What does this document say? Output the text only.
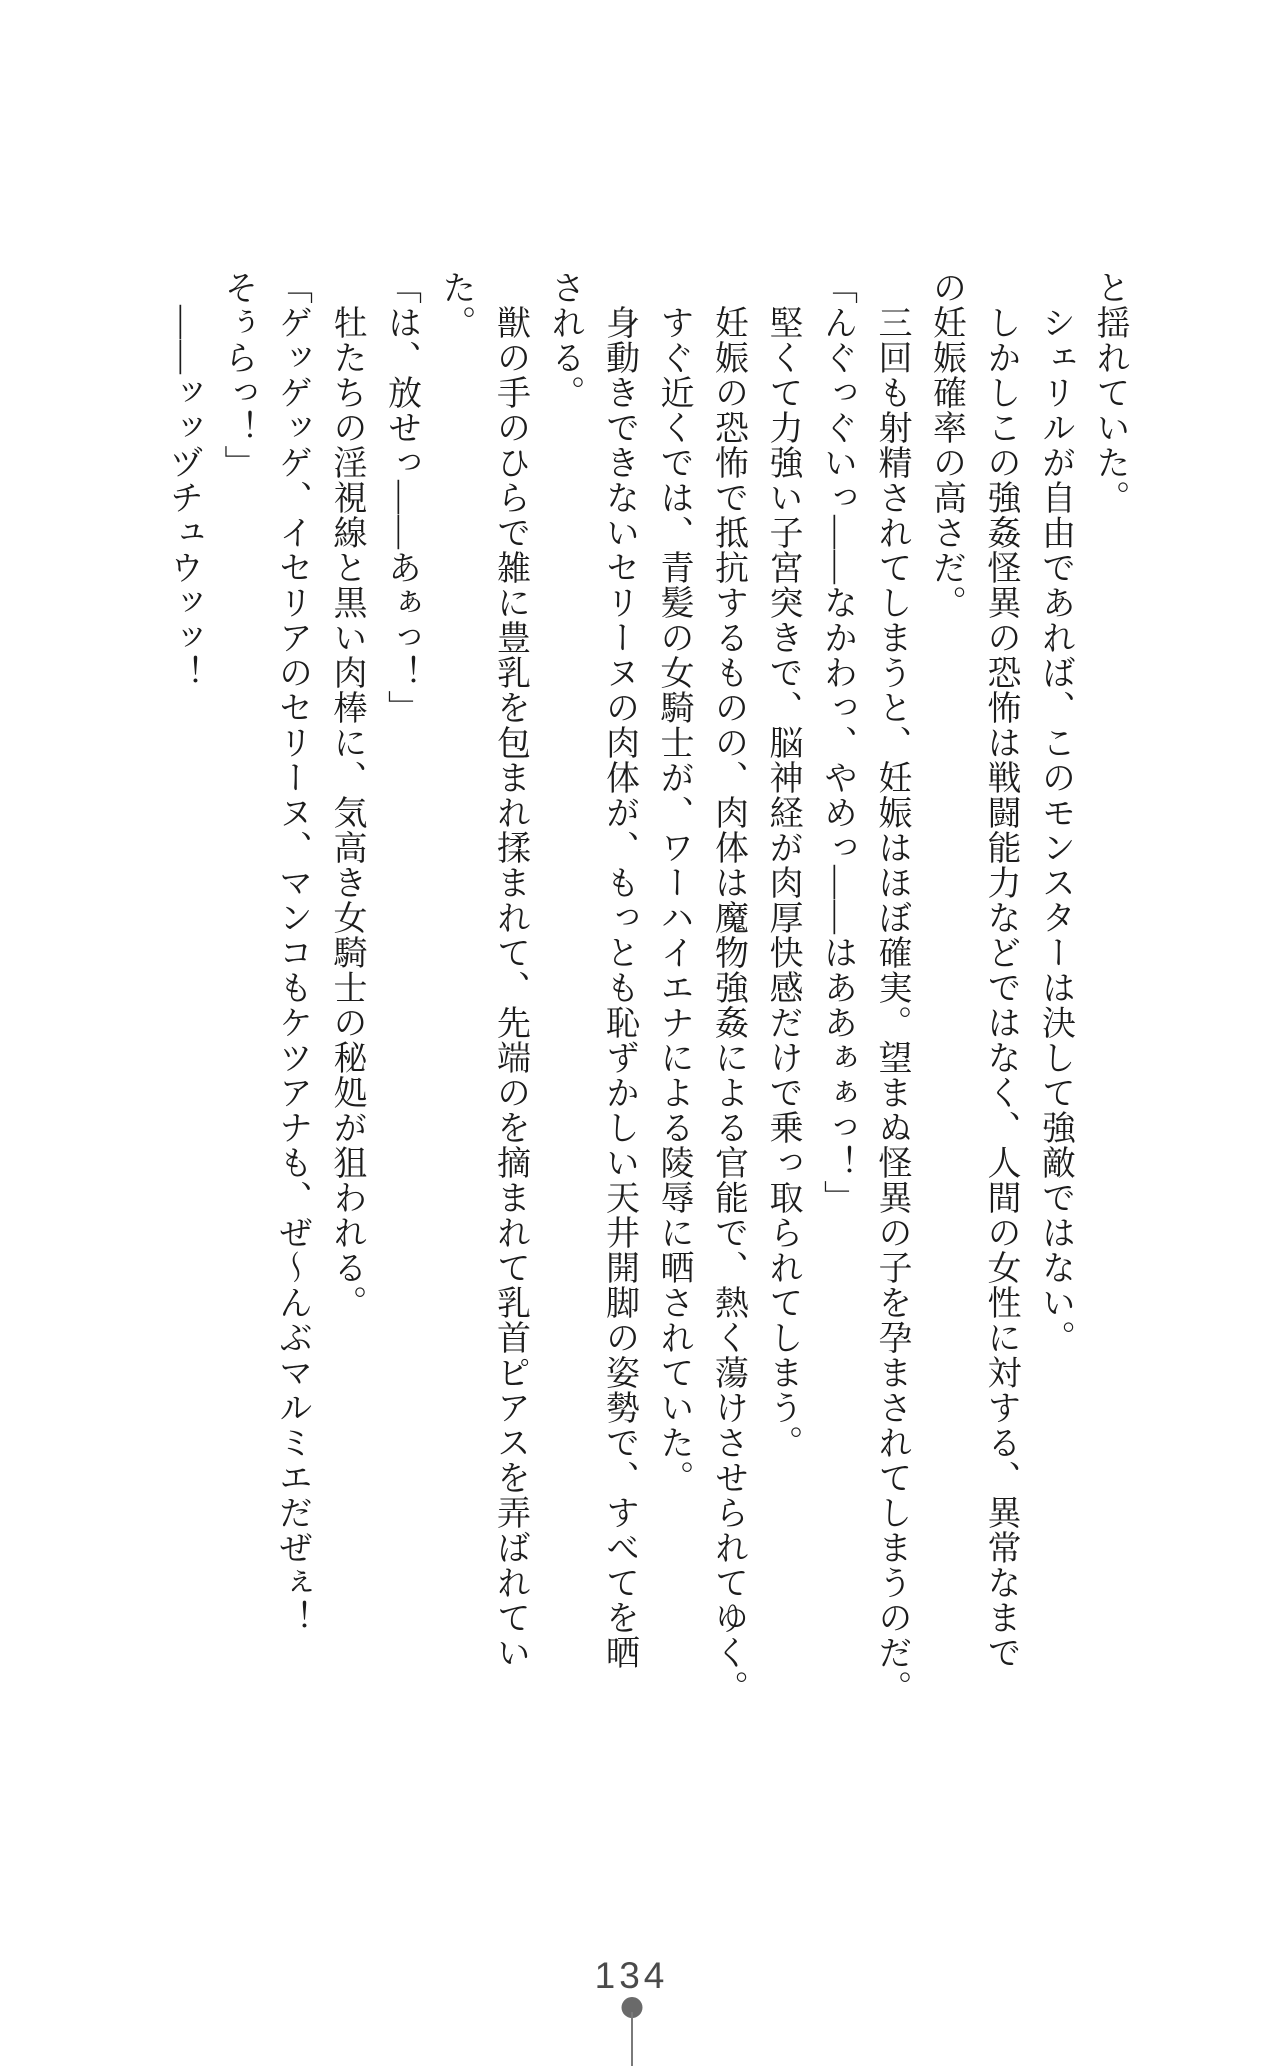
と揺れていた。

　シェリルが自由であれば、このモンスターは決して強敵ではない。

　しかしこの強姦怪異の恐怖は戦闘能力などではなく、人間の女性に対する、異常なまで

の妊娠確率の高さだ。

　三回も射精されてしまうと、妊娠はほぼ確実。望まぬ怪異の子を孕まされてしまうのだ。

「んぐっぐいっ――なかわっ、やめっ――はああぁぁっ！」

　堅くて力強い子宮突きで、脳神経が肉厚快感だけで乗っ取られてしまう。

　妊娠の恐怖で抵抗するものの、肉体は魔物強姦による官能で、熱く蕩けさせられてゆく。

　すぐ近くでは、青髪の女騎士が、ワーハイエナによる陵辱に晒されていた。

　身動きできないセリーヌの肉体が、もっとも恥ずかしい天井開脚の姿勢で、すべてを晒

される。

　獣の手のひらで雑に豊乳を包まれ揉まれて、先端のを摘まれて乳首ピアスを弄ばれてい

た。

「は、放せっ――あぁっ！」

　牡たちの淫視線と黒い肉棒に、気高き女騎士の秘処が狙われる。

「ゲッゲッゲ、イセリアのセリーヌ、マンコもケツアナも、ぜ～んぶマルミエだぜぇ！

そぅらっ！」

　――ッッヅチュウッッ！

134
